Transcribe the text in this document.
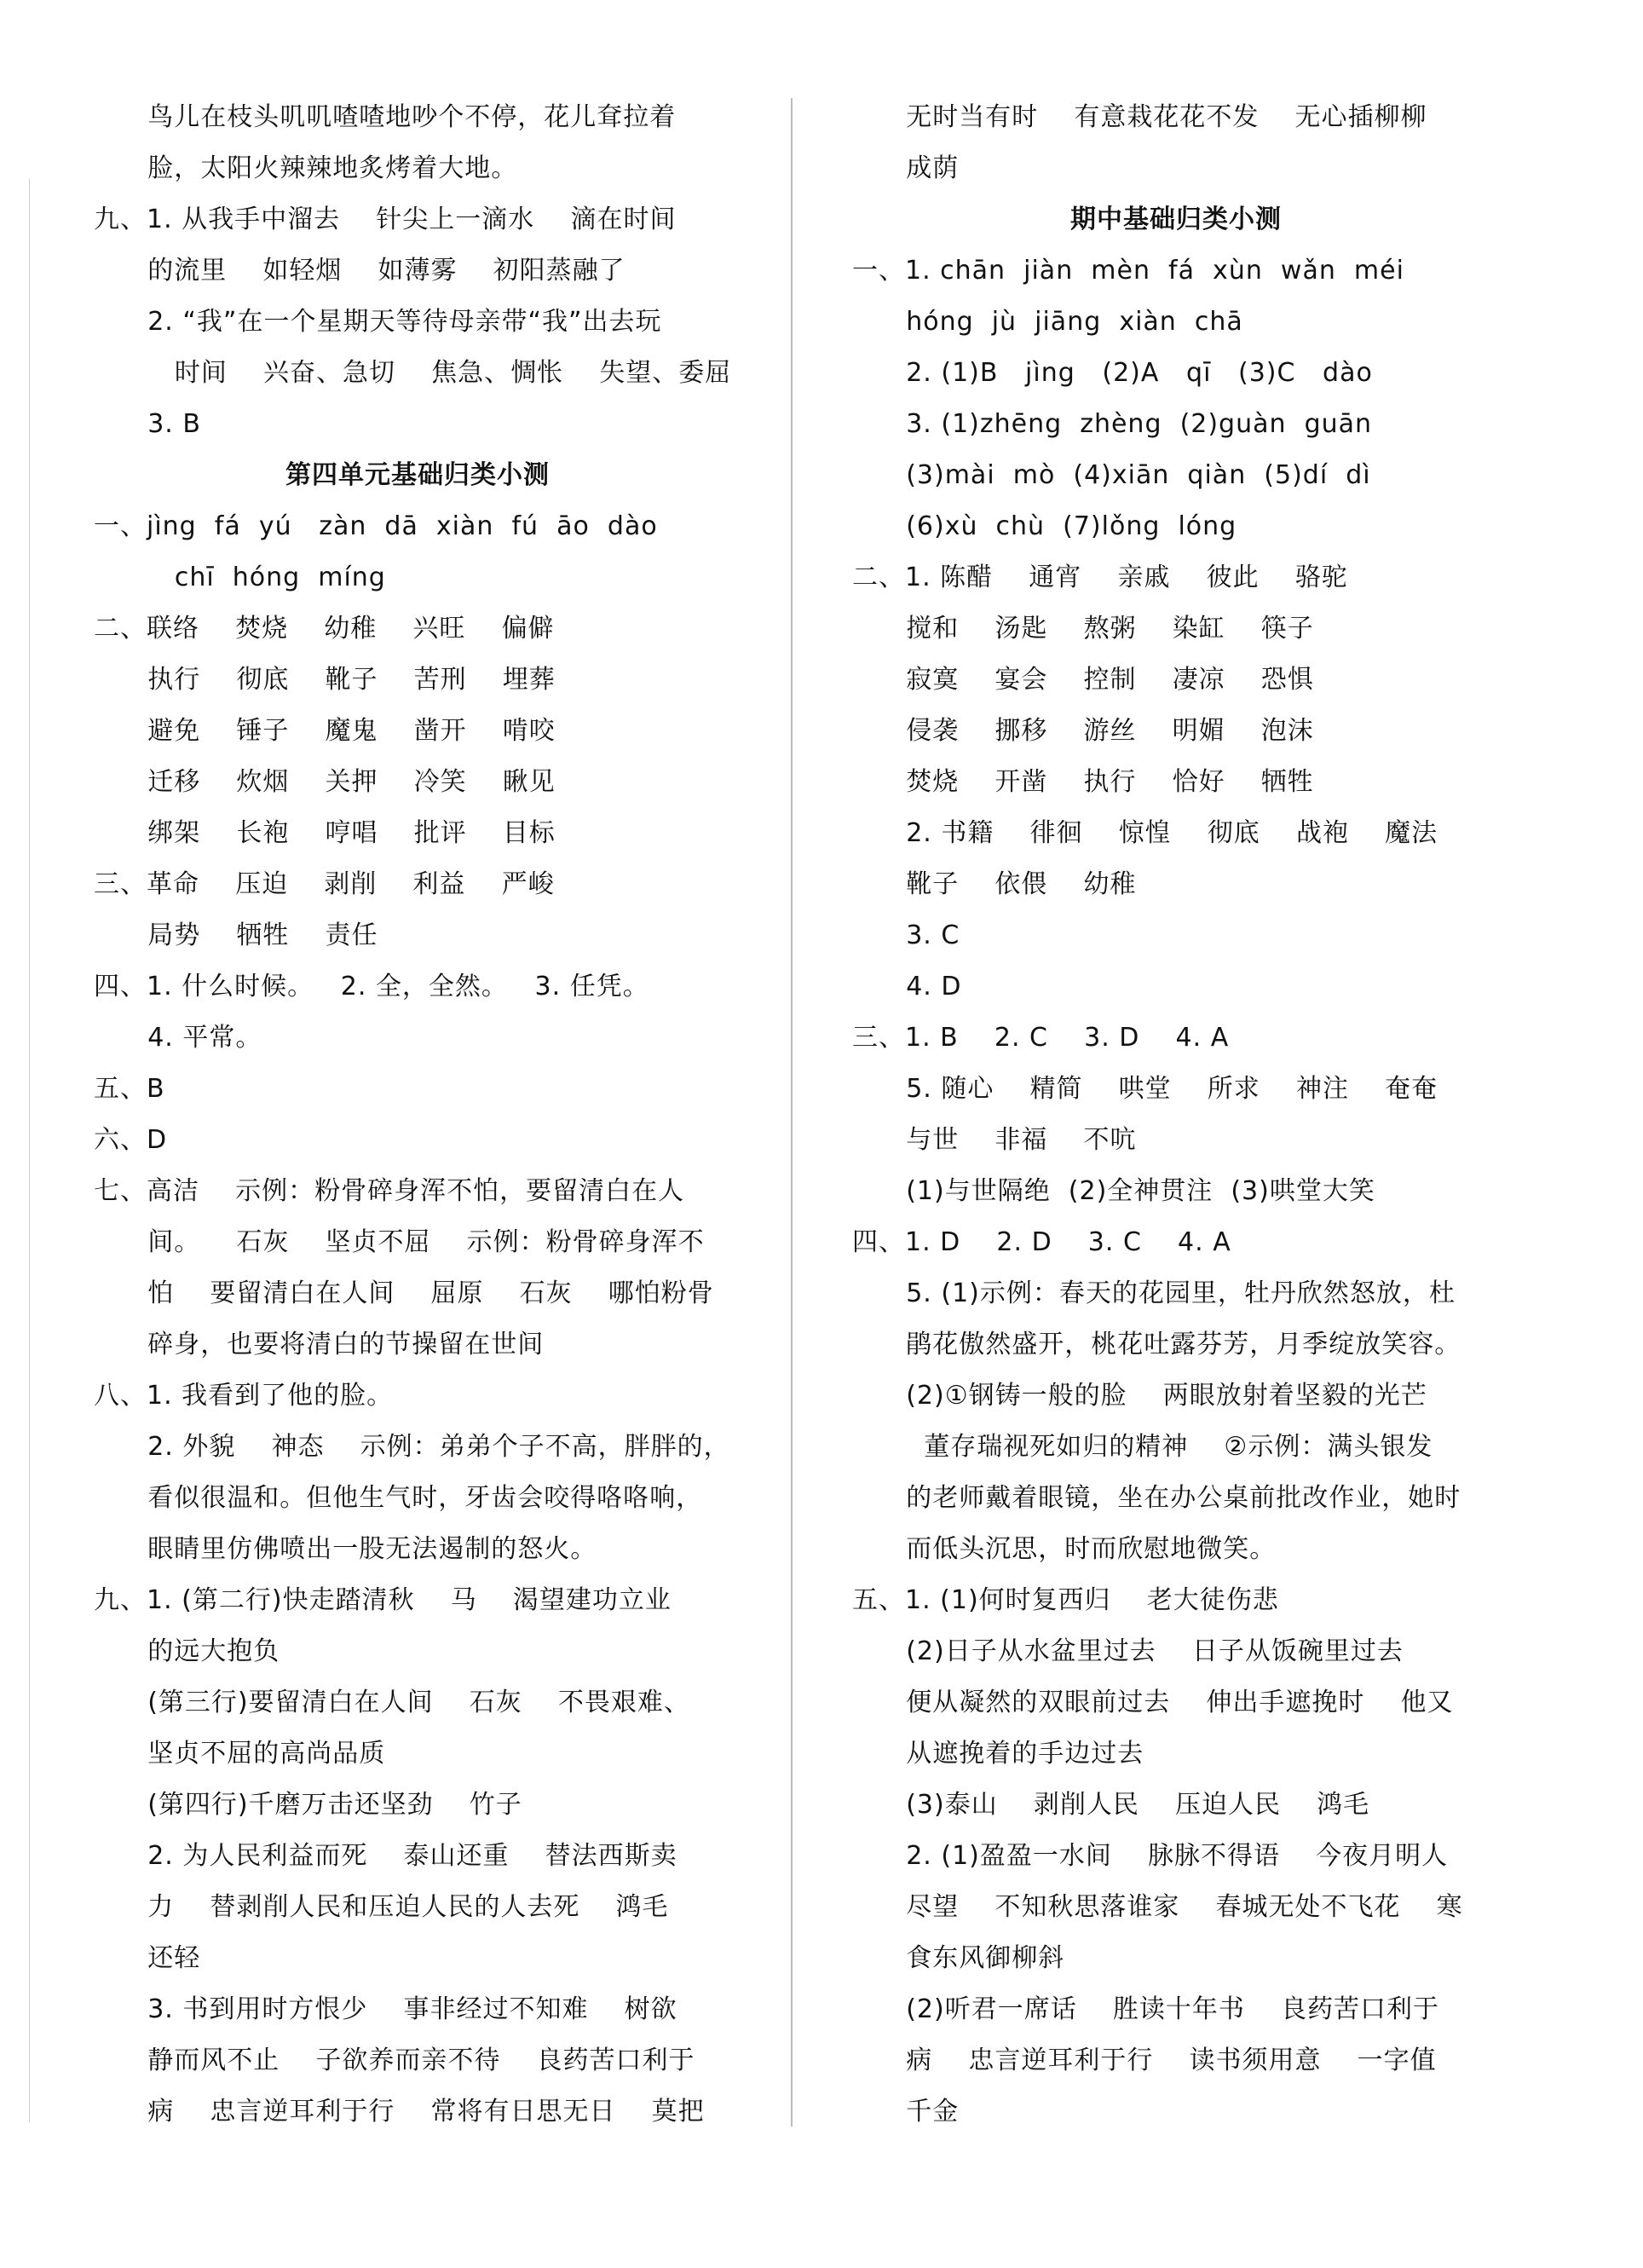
鸟儿在枝头叽叽喳喳地吵个不停，花儿耷拉着
脸，太阳火辣辣地炙烤着大地。
九、1. 从我手中溜去    针尖上一滴水    滴在时间
的流里    如轻烟    如薄雾    初阳蒸融了
2. “我”在一个星期天等待母亲带“我”出去玩
时间    兴奋、急切    焦急、惆怅    失望、委屈
3. B
第四单元基础归类小测
一、jìng  fá  yú   zàn  dā  xiàn  fú  āo  dào
chī  hóng  míng
二、联络    焚烧    幼稚    兴旺    偏僻
执行    彻底    靴子    苦刑    埋葬
避免    锤子    魔鬼    凿开    啃咬
迁移    炊烟    关押    冷笑    瞅见
绑架    长袍    哼唱    批评    目标
三、革命    压迫    剥削    利益    严峻
局势    牺牲    责任
四、1. 什么时候。   2. 全，全然。   3. 任凭。
4. 平常。
五、B
六、D
七、高洁    示例：粉骨碎身浑不怕，要留清白在人
间。    石灰    坚贞不屈    示例：粉骨碎身浑不
怕    要留清白在人间    屈原    石灰    哪怕粉骨
碎身，也要将清白的节操留在世间
八、1. 我看到了他的脸。
2. 外貌    神态    示例：弟弟个子不高，胖胖的，
看似很温和。但他生气时，牙齿会咬得咯咯响，
眼睛里仿佛喷出一股无法遏制的怒火。
九、1. (第二行)快走踏清秋    马    渴望建功立业
的远大抱负
(第三行)要留清白在人间    石灰    不畏艰难、
坚贞不屈的高尚品质
(第四行)千磨万击还坚劲    竹子
2. 为人民利益而死    泰山还重    替法西斯卖
力    替剥削人民和压迫人民的人去死    鸿毛
还轻
3. 书到用时方恨少    事非经过不知难    树欲
静而风不止    子欲养而亲不待    良药苦口利于
病    忠言逆耳利于行    常将有日思无日    莫把
无时当有时    有意栽花花不发    无心插柳柳
成荫
期中基础归类小测
一、1. chān  jiàn  mèn  fá  xùn  wǎn  méi
hóng  jù  jiāng  xiàn  chā
2. (1)B   jìng   (2)A   qī   (3)C   dào
3. (1)zhēng  zhèng  (2)guàn  guān
(3)mài  mò  (4)xiān  qiàn  (5)dí  dì
(6)xù  chù  (7)lǒng  lóng
二、1. 陈醋    通宵    亲戚    彼此    骆驼
搅和    汤匙    熬粥    染缸    筷子
寂寞    宴会    控制    凄凉    恐惧
侵袭    挪移    游丝    明媚    泡沫
焚烧    开凿    执行    恰好    牺牲
2. 书籍    徘徊    惊惶    彻底    战袍    魔法
靴子    依偎    幼稚
3. C
4. D
三、1. B    2. C    3. D    4. A
5. 随心    精简    哄堂    所求    神注    奄奄
与世    非福    不吭
(1)与世隔绝  (2)全神贯注  (3)哄堂大笑
四、1. D    2. D    3. C    4. A
5. (1)示例：春天的花园里，牡丹欣然怒放，杜
鹃花傲然盛开，桃花吐露芬芳，月季绽放笑容。
(2)①钢铸一般的脸    两眼放射着坚毅的光芒
董存瑞视死如归的精神    ②示例：满头银发
的老师戴着眼镜，坐在办公桌前批改作业，她时
而低头沉思，时而欣慰地微笑。
五、1. (1)何时复西归    老大徒伤悲
(2)日子从水盆里过去    日子从饭碗里过去
便从凝然的双眼前过去    伸出手遮挽时    他又
从遮挽着的手边过去
(3)泰山    剥削人民    压迫人民    鸿毛
2. (1)盈盈一水间    脉脉不得语    今夜月明人
尽望    不知秋思落谁家    春城无处不飞花    寒
食东风御柳斜
(2)听君一席话    胜读十年书    良药苦口利于
病    忠言逆耳利于行    读书须用意    一字值
千金
